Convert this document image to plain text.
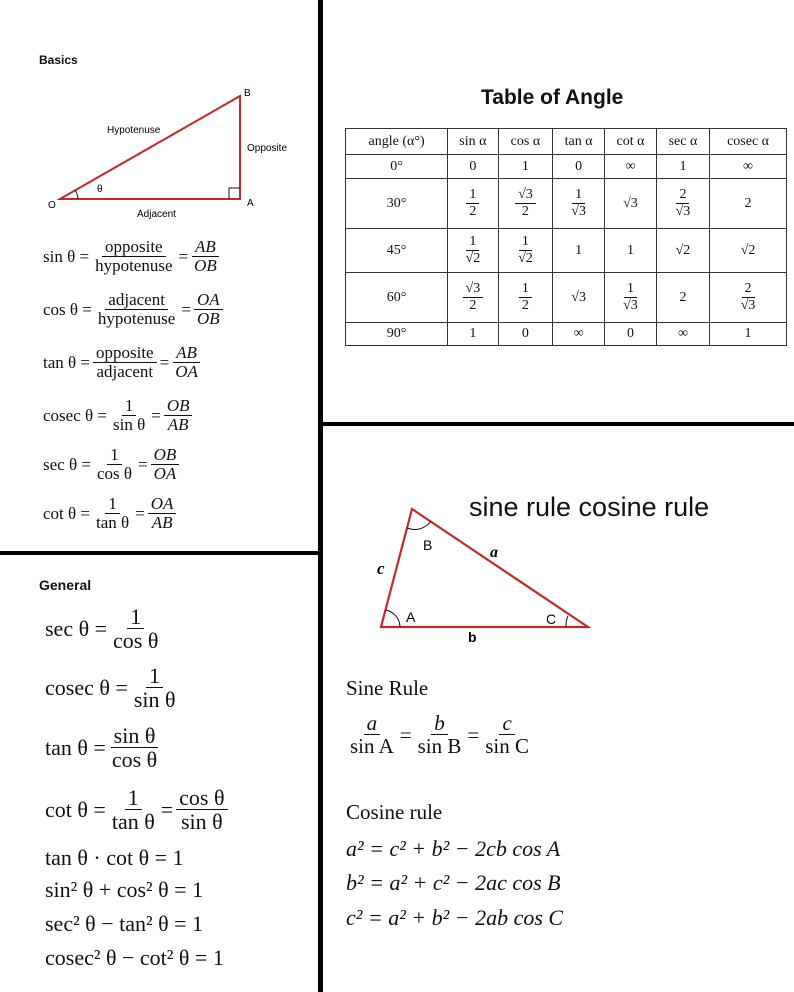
Basics
Hypotenuse
Opposite
Adjacent
B
O	A
θ
$\sin \theta = \frac{\text{opposite}}{\text{hypotenuse}} = \frac{AB}{OB}$
$\cos \theta = \frac{\text{adjacent}}{\text{hypotenuse}} = \frac{OA}{OB}$
$\tan \theta = \frac{\text{opposite}}{\text{adjacent}} = \frac{AB}{OA}$
cosec $\theta = \frac{1}{\text{sin θ}} = \frac{OB}{AB}$
$\sec \theta = \frac{1}{\text{cos θ}} = \frac{OB}{OA}$
$\cot \theta = \frac{1}{\text{tan θ}} = \frac{OA}{AB}$
General
$\sec \theta = \frac{1}{\text{cos θ}}$
cosec $\theta = \frac{1}{\text{sin θ}}$
$\tan \theta = \frac{\text{sin θ}}{\text{cos θ}}$
$\cot \theta = \frac{1}{\text{tan θ}} = \frac{\text{cos θ}}{\text{sin θ}}$
tan θ · cot θ = 1
sin² θ + cos² θ = 1
sec² θ − tan² θ = 1
cosec² θ − cot² θ = 1
Table of Angle
angle (α°)	sin α	cos α	tan α	cot α	sec α	cosec α
0°	0	1	0	∞	1	∞
30°	$\frac{1}{2}$	$\frac{√3}{2}$	$\frac{1}{√3}$	√3	$\frac{2}{√3}$	2
45°	$\frac{1}{√2}$	$\frac{1}{√2}$	1	1	√2	√2
60°	$\frac{√3}{2}$	$\frac{1}{2}$	√3	$\frac{1}{√3}$	2	$\frac{2}{√3}$

90°	1	0	∞	0	∞	1
sine rule cosine rule
B
A	C
a
b
c
Sine Rule
$\frac{a}{\text{sin A}} = \frac{b}{\text{sin B}} = \frac{c}{\text{sin C}}$
Cosine rule
a² = c² + b² − 2cb cos A
b² = a² + c² − 2ac cos B
c² = a² + b² − 2ab cos C
